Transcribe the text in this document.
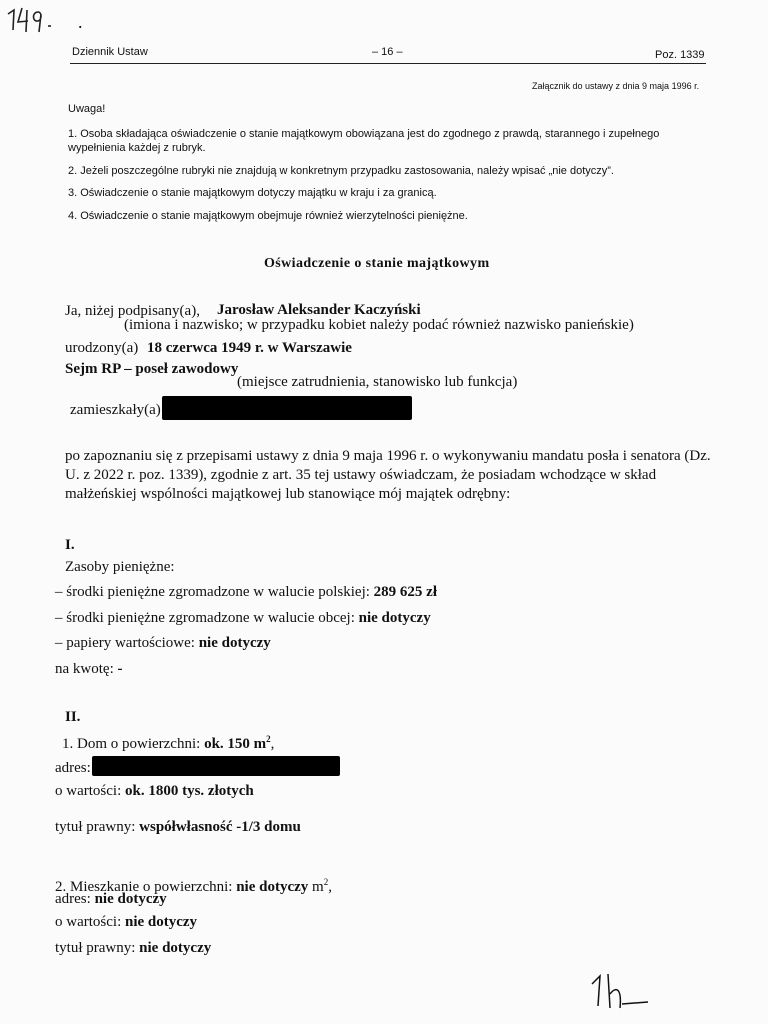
.
Dziennik Ustaw	– 16 –	Poz. 1339
Załącznik do ustawy z dnia 9 maja 1996 r.
Uwaga!
1. Osoba składająca oświadczenie o stanie majątkowym obowiązana jest do zgodnego z prawdą, starannego i zupełnego wypełnienia każdej z rubryk.
2. Jeżeli poszczególne rubryki nie znajdują w konkretnym przypadku zastosowania, należy wpisać „nie dotyczy”.
3. Oświadczenie o stanie majątkowym dotyczy majątku w kraju i za granicą.
4. Oświadczenie o stanie majątkowym obejmuje również wierzytelności pieniężne.
Oświadczenie o stanie majątkowym
Ja, niżej podpisany(a), Jarosław Aleksander Kaczyński
(imiona i nazwisko; w przypadku kobiet należy podać również nazwisko panieńskie)
urodzony(a) 18 czerwca 1949 r. w Warszawie
Sejm RP – poseł zawodowy
(miejsce zatrudnienia, stanowisko lub funkcja)
zamieszkały(a)
po zapoznaniu się z przepisami ustawy z dnia 9 maja 1996 r. o wykonywaniu mandatu posła i senatora (Dz. U. z 2022 r. poz. 1339), zgodnie z art. 35 tej ustawy oświadczam, że posiadam wchodzące w skład małżeńskiej wspólności majątkowej lub stanowiące mój majątek odrębny:
I.
Zasoby pieniężne:
– środki pieniężne zgromadzone w walucie polskiej: 289 625 zł
– środki pieniężne zgromadzone w walucie obcej: nie dotyczy
– papiery wartościowe: nie dotyczy
na kwotę: -
II.
1. Dom o powierzchni: ok. 150 $m^2$,
adres:
o wartości: ok. 1800 tys. złotych
tytuł prawny: współwłasność -1/3 domu
2. Mieszkanie o powierzchni: nie dotyczy $m^2$,
adres: nie dotyczy
o wartości: nie dotyczy
tytuł prawny: nie dotyczy
